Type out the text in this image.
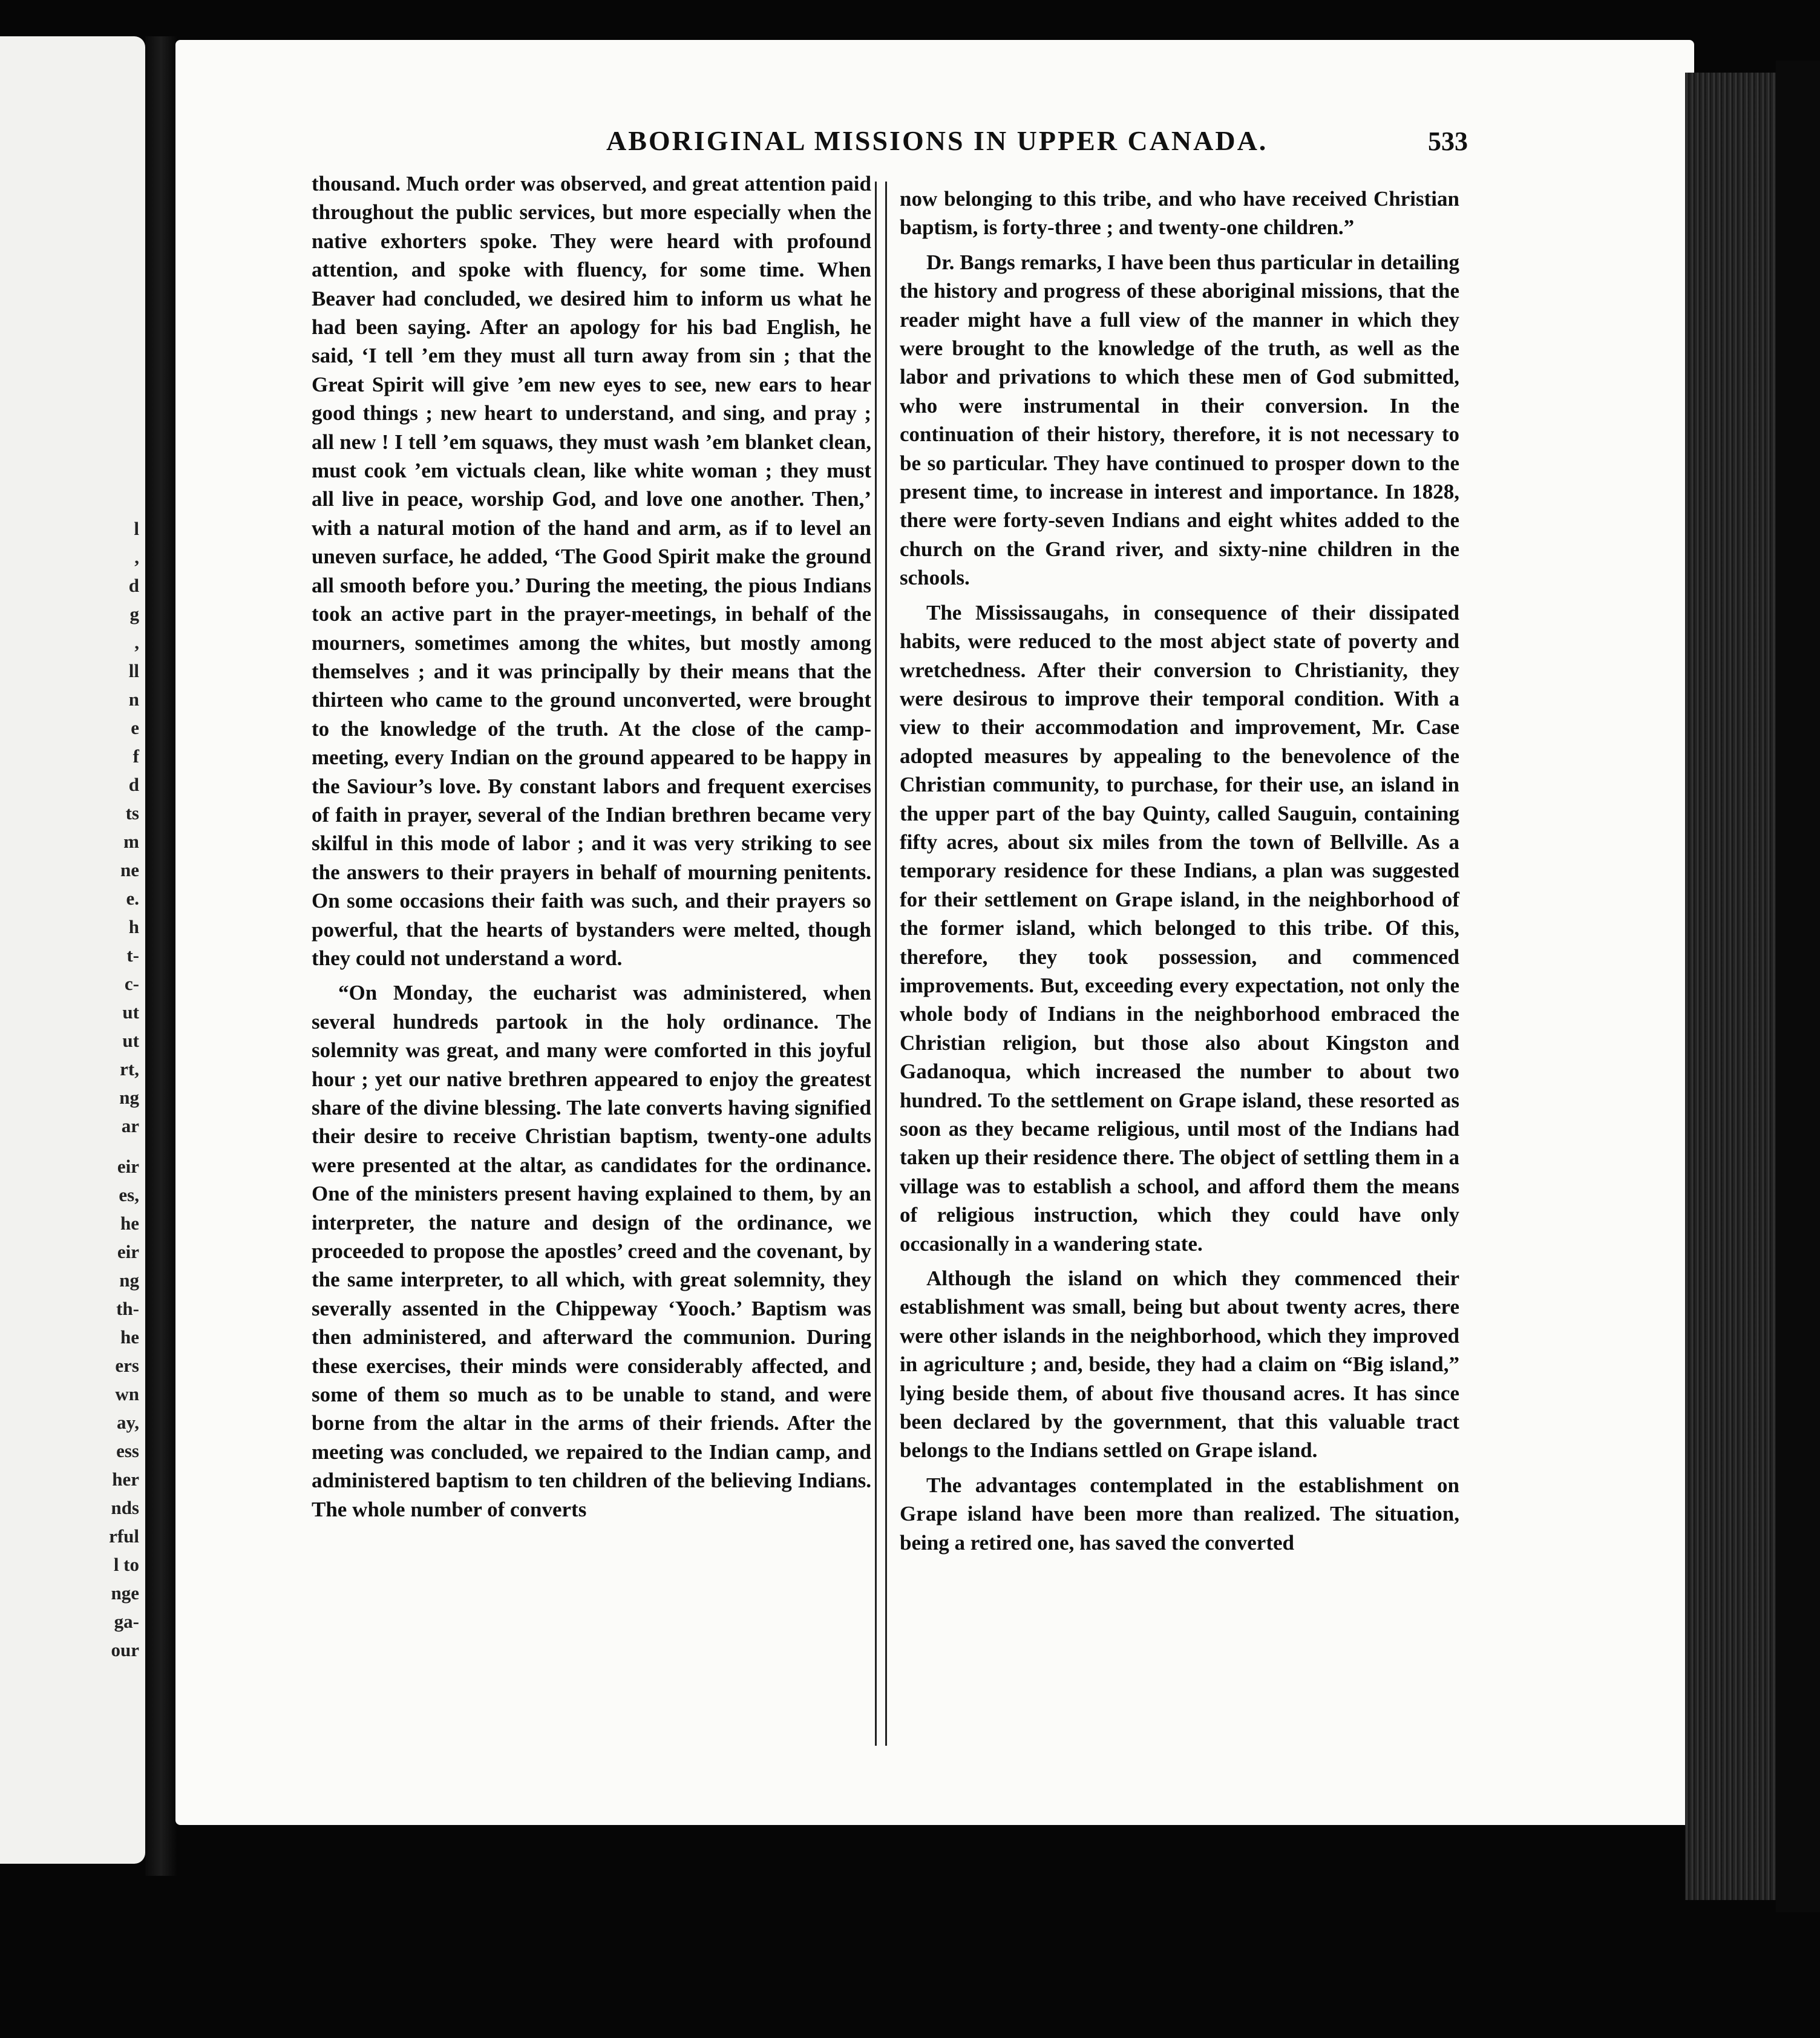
l
,
d
g
,
ll
n
e
f
d
ts
m
ne
e.
h
t-
c-
ut
ut
rt,
ng
ar
eir
es,
he
eir
ng
th-
he
ers
wn
ay,
ess
her
nds
rful
l to
nge
ga-
our
ABORIGINAL MISSIONS IN UPPER CANADA.	533

thousand. Much order was observed, and great attention paid throughout the public services, but more especially when the native exhorters spoke. They were heard with profound attention, and spoke with fluency, for some time. When Beaver had concluded, we desired him to inform us what he had been saying. After an apology for his bad English, he said, ‘I tell ’em they must all turn away from sin ; that the Great Spirit will give ’em new eyes to see, new ears to hear good things ; new heart to understand, and sing, and pray ; all new ! I tell ’em squaws, they must wash ’em blanket clean, must cook ’em victuals clean, like white woman ; they must all live in peace, worship God, and love one another. Then,’ with a natural motion of the hand and arm, as if to level an uneven surface, he added, ‘The Good Spirit make the ground all smooth before you.’ During the meeting, the pious Indians took an active part in the prayer-meetings, in behalf of the mourners, sometimes among the whites, but mostly among themselves ; and it was principally by their means that the thirteen who came to the ground unconverted, were brought to the knowledge of the truth. At the close of the camp-meeting, every Indian on the ground appeared to be happy in the Saviour’s love. By constant labors and frequent exercises of faith in prayer, several of the Indian brethren became very skilful in this mode of labor ; and it was very striking to see the answers to their prayers in behalf of mourning penitents. On some occasions their faith was such, and their prayers so powerful, that the hearts of bystanders were melted, though they could not understand a word.

“On Monday, the eucharist was administered, when several hundreds partook in the holy ordinance. The solemnity was great, and many were comforted in this joyful hour ; yet our native brethren appeared to enjoy the greatest share of the divine blessing. The late converts having signified their desire to receive Christian baptism, twenty-one adults were presented at the altar, as candidates for the ordinance. One of the ministers present having explained to them, by an interpreter, the nature and design of the ordinance, we proceeded to propose the apostles’ creed and the covenant, by the same interpreter, to all which, with great solemnity, they severally assented in the Chippeway ‘Yooch.’ Baptism was then administered, and afterward the communion. During these exercises, their minds were considerably affected, and some of them so much as to be unable to stand, and were borne from the altar in the arms of their friends. After the meeting was concluded, we repaired to the Indian camp, and administered baptism to ten children of the believing Indians. The whole number of converts

now belonging to this tribe, and who have received Christian baptism, is forty-three ; and twenty-one children.”

Dr. Bangs remarks, I have been thus particular in detailing the history and progress of these aboriginal missions, that the reader might have a full view of the manner in which they were brought to the knowledge of the truth, as well as the labor and privations to which these men of God submitted, who were instrumental in their conversion. In the continuation of their history, therefore, it is not necessary to be so particular. They have continued to prosper down to the present time, to increase in interest and importance. In 1828, there were forty-seven Indians and eight whites added to the church on the Grand river, and sixty-nine children in the schools.

The Mississaugahs, in consequence of their dissipated habits, were reduced to the most abject state of poverty and wretchedness. After their conversion to Christianity, they were desirous to improve their temporal condition. With a view to their accommodation and improvement, Mr. Case adopted measures by appealing to the benevolence of the Christian community, to purchase, for their use, an island in the upper part of the bay Quinty, called Sauguin, containing fifty acres, about six miles from the town of Bellville. As a temporary residence for these Indians, a plan was suggested for their settlement on Grape island, in the neighborhood of the former island, which belonged to this tribe. Of this, therefore, they took possession, and commenced improvements. But, exceeding every expectation, not only the whole body of Indians in the neighborhood embraced the Christian religion, but those also about Kingston and Gadanoqua, which increased the number to about two hundred. To the settlement on Grape island, these resorted as soon as they became religious, until most of the Indians had taken up their residence there. The object of settling them in a village was to establish a school, and afford them the means of religious instruction, which they could have only occasionally in a wandering state.

Although the island on which they commenced their establishment was small, being but about twenty acres, there were other islands in the neighborhood, which they improved in agriculture ; and, beside, they had a claim on “Big island,” lying beside them, of about five thousand acres. It has since been declared by the government, that this valuable tract belongs to the Indians settled on Grape island.

The advantages contemplated in the establishment on Grape island have been more than realized. The situation, being a retired one, has saved the converted
